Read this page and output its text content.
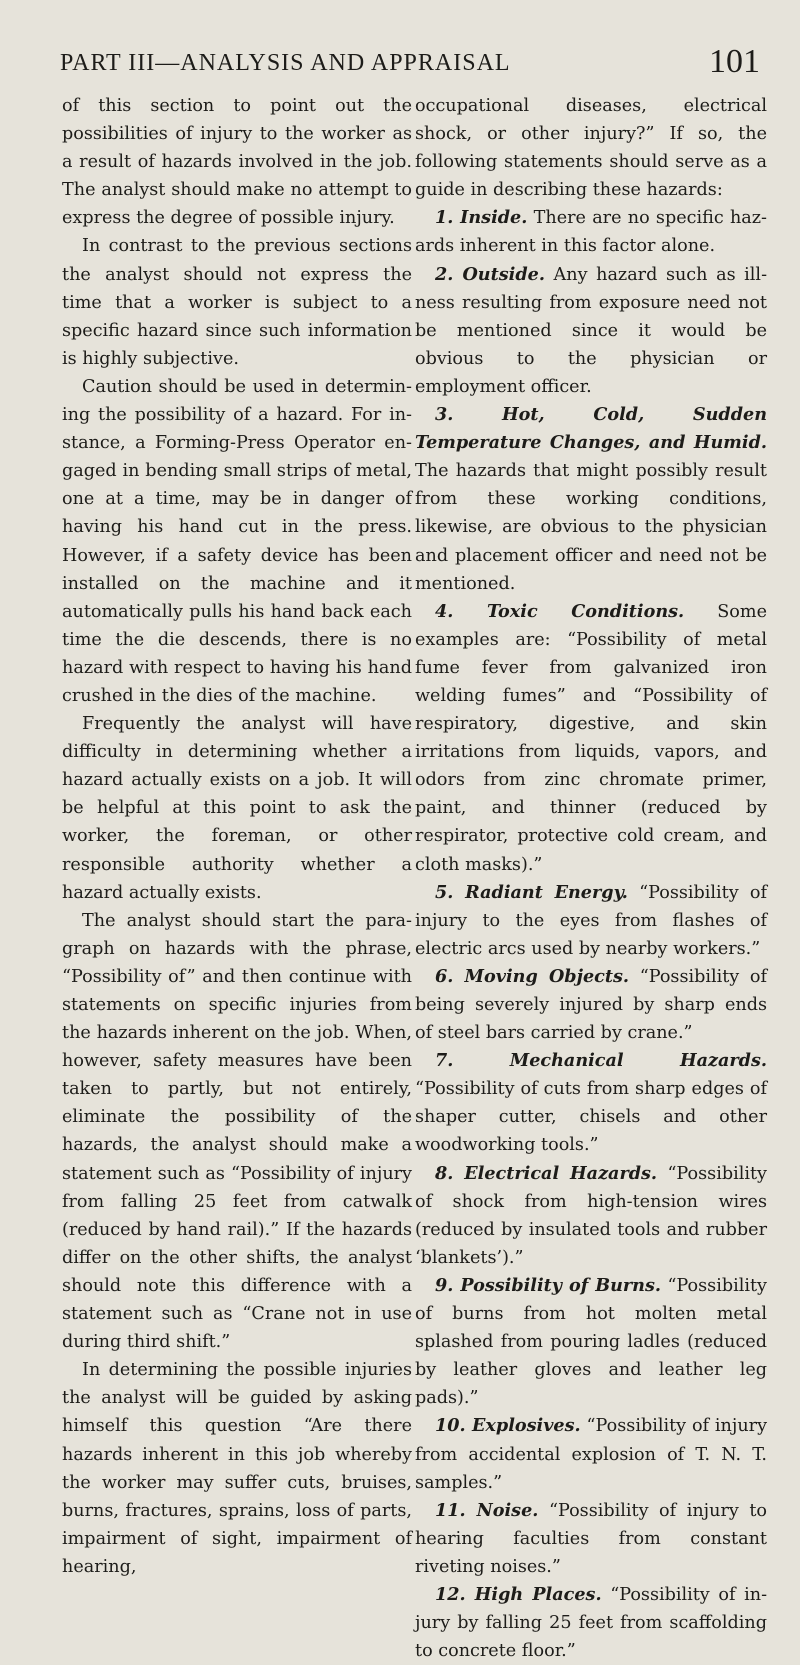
PART III—ANALYSIS AND APPRAISAL	101

of this section to point out the possibilities of injury to the worker as a result of hazards involved in the job. The analyst should make no attempt to express the degree of possible injury.

In contrast to the previous sections the analyst should not express the time that a worker is subject to a specific hazard since such information is highly subjective.

Caution should be used in determining the possibility of a hazard. For instance, a Forming-Press Operator engaged in bending small strips of metal, one at a time, may be in danger of having his hand cut in the press. However, if a safety device has been installed on the machine and it automatically pulls his hand back each time the die descends, there is no hazard with respect to having his hand crushed in the dies of the machine.

Frequently the analyst will have difficulty in determining whether a hazard actually exists on a job. It will be helpful at this point to ask the worker, the foreman, or other responsible authority whether a hazard actually exists.

The analyst should start the paragraph on hazards with the phrase, “Possibility of” and then continue with statements on specific injuries from the hazards inherent on the job. When, however, safety measures have been taken to partly, but not entirely, eliminate the possibility of the hazards, the analyst should make a statement such as “Possibility of injury from falling 25 feet from catwalk (reduced by hand rail).” If the hazards differ on the other shifts, the analyst should note this difference with a statement such as “Crane not in use during third shift.”

In determining the possible injuries the analyst will be guided by asking himself this question “Are there hazards inherent in this job whereby the worker may suffer cuts, bruises, burns, fractures, sprains, loss of parts, impairment of sight, impairment of hearing,

occupational diseases, electrical shock, or other injury?” If so, the following statements should serve as a guide in describing these hazards:

1. Inside. There are no specific hazards inherent in this factor alone.

2. Outside. Any hazard such as illness resulting from exposure need not be mentioned since it would be obvious to the physician or employment officer.

3. Hot, Cold, Sudden Temperature Changes, and Humid. The hazards that might possibly result from these working conditions, likewise, are obvious to the physician and placement officer and need not be mentioned.

4. Toxic Conditions. Some examples are: “Possibility of metal fume fever from galvanized iron welding fumes” and “Possibility of respiratory, digestive, and skin irritations from liquids, vapors, and odors from zinc chromate primer, paint, and thinner (reduced by respirator, protective cold cream, and cloth masks).”

5. Radiant Energy. “Possibility of injury to the eyes from flashes of electric arcs used by nearby workers.”

6. Moving Objects. “Possibility of being severely injured by sharp ends of steel bars carried by crane.”

7. Mechanical Hazards. “Possibility of cuts from sharp edges of shaper cutter, chisels and other woodworking tools.”

8. Electrical Hazards. “Possibility of shock from high-tension wires (reduced by insulated tools and rubber ‘blankets’).”

9. Possibility of Burns. “Possibility of burns from hot molten metal splashed from pouring ladles (reduced by leather gloves and leather leg pads).”

10. Explosives. “Possibility of injury from accidental explosion of T. N. T. samples.”

11. Noise. “Possibility of injury to hearing faculties from constant riveting noises.”

12. High Places. “Possibility of injury by falling 25 feet from scaffolding to concrete floor.”
